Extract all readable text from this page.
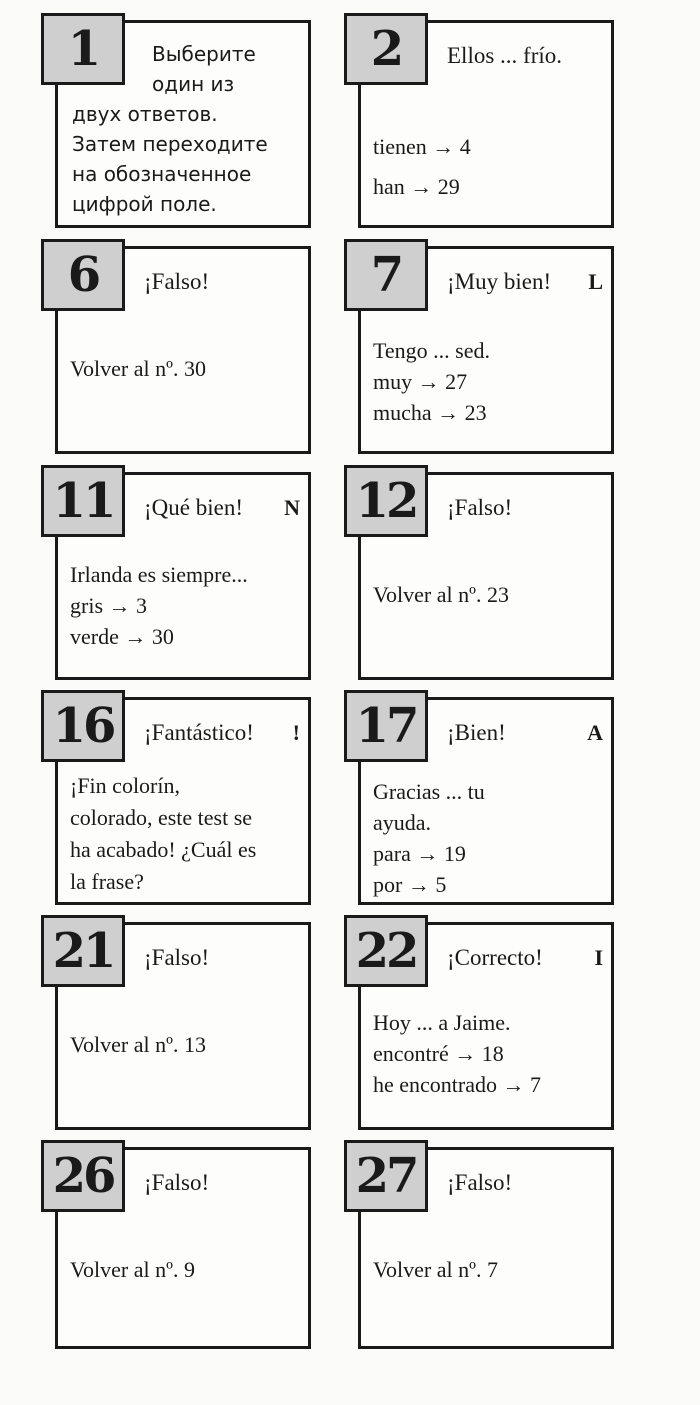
1	Выберите
один из
двух ответов.
Затем переходите
на обозначенное
цифрой поле.
2	Ellos ... frío.
tienen → 4
han → 29
6	¡Falso!
Volver al nº. 30
7	¡Muy bien!	L
Tengo ... sed.
muy → 27
mucha → 23
11	¡Qué bien!	N
Irlanda es siempre...
gris → 3
verde → 30
12	¡Falso!
Volver al nº. 23
16	¡Fantástico!	!
¡Fin colorín,
colorado, este test se
ha acabado! ¿Cuál es
la frase?
17	¡Bien!	A
Gracias ... tu
ayuda.
para → 19
por → 5
21	¡Falso!
Volver al nº. 13
22	¡Correcto!	I
Hoy ... a Jaime.
encontré → 18
he encontrado → 7
26	¡Falso!
Volver al nº. 9
27	¡Falso!
Volver al nº. 7
